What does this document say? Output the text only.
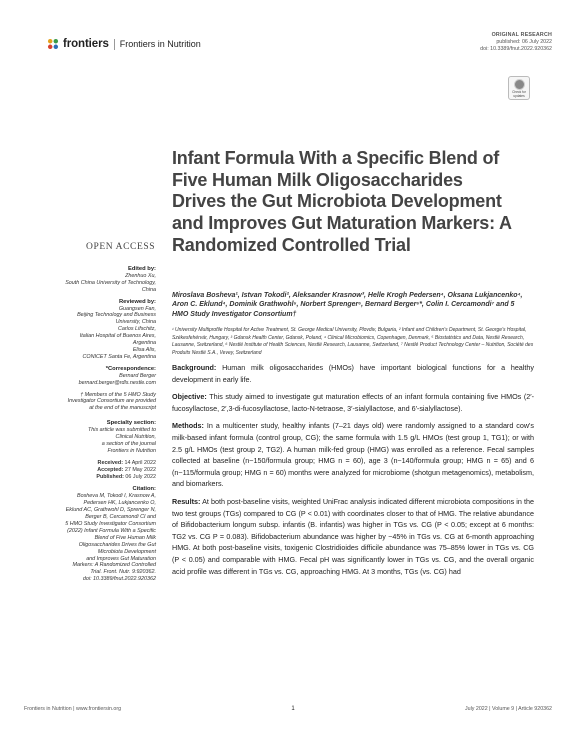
frontiers Frontiers in Nutrition
ORIGINAL RESEARCH
published: 06 July 2022
doi: 10.3389/fnut.2022.920362
Check for updates
OPEN ACCESS
Edited by:
Zhenhuo Xu,
South China University of Technology,
China
Reviewed by:
Guangsen Fan,
Beijing Technology and Business
University, China
Carlos Lifschitz,
Italian Hospital of Buenos Aires,
Argentina
Elisa Alis,
CONICET Santa Fe, Argentina
*Correspondence:
Bernard Berger
bernard.berger@rdls.nestle.com
† Members of the 5 HMO Study
Investigator Consortium are provided
at the end of the manuscript
Specialty section:
This article was submitted to
Clinical Nutrition,
a section of the journal
Frontiers in Nutrition
Received: 14 April 2022
Accepted: 27 May 2022
Published: 06 July 2022
Citation:
Bosheva M, Tokodi I, Krasnow A,
Pedersen HK, Lukjancenko O,
Eklund AC, Grathwohl D, Sprenger N,
Berger B, Cercamondi CI and
5 HMO Study Investigator Consortium
(2022) Infant Formula With a Specific
Blend of Five Human Milk
Oligosaccharides Drives the Gut
Microbiota Development
and Improves Gut Maturation
Markers: A Randomized Controlled
Trial. Front. Nutr. 9:920362.
doi: 10.3389/fnut.2022.920362
Infant Formula With a Specific Blend of Five Human Milk Oligosaccharides Drives the Gut Microbiota Development and Improves Gut Maturation Markers: A Randomized Controlled Trial
Miroslava Bosheva¹, Istvan Tokodi², Aleksander Krasnow³, Helle Krogh Pedersen⁴, Oksana Lukjancenko⁴, Aron C. Eklund⁴, Dominik Grathwohl⁵, Norbert Sprenger⁶, Bernard Berger⁶*, Colin I. Cercamondi⁷ and 5 HMO Study Investigator Consortium†
¹ University Multiprofile Hospital for Active Treatment, St. George Medical University, Plovdiv, Bulgaria, ² Infant and Children's Department, St. George's Hospital, Székesfehérvár, Hungary, ³ Gdansk Health Center, Gdansk, Poland, ⁴ Clinical Microbiomics, Copenhagen, Denmark, ⁵ Biostatistics and Data, Nestlé Research, Lausanne, Switzerland, ⁶ Nestlé Institute of Health Sciences, Nestlé Research, Lausanne, Switzerland, ⁷ Nestlé Product Technology Center – Nutrition, Société des Produits Nestlé S.A., Vevey, Switzerland

Background: Human milk oligosaccharides (HMOs) have important biological functions for a healthy development in early life.

Objective: This study aimed to investigate gut maturation effects of an infant formula containing five HMOs (2′-fucosyllactose, 2′,3-di-fucosyllactose, lacto-N-tetraose, 3′-sialyllactose, and 6′-sialyllactose).

Methods: In a multicenter study, healthy infants (7–21 days old) were randomly assigned to a standard cow's milk-based infant formula (control group, CG); the same formula with 1.5 g/L HMOs (test group 1, TG1); or with 2.5 g/L HMOs (test group 2, TG2). A human milk-fed group (HMG) was enrolled as a reference. Fecal samples collected at baseline (n~150/formula group; HMG n = 60), age 3 (n~140/formula group; HMG n = 65) and 6 (n~115/formula group; HMG n = 60) months were analyzed for microbiome (shotgun metagenomics), metabolism, and biomarkers.

Results: At both post-baseline visits, weighted UniFrac analysis indicated different microbiota compositions in the two test groups (TGs) compared to CG (P < 0.01) with coordinates closer to that of HMG. The relative abundance of Bifidobacterium longum subsp. infantis (B. infantis) was higher in TGs vs. CG (P < 0.05; except at 6 months: TG2 vs. CG P = 0.083). Bifidobacterium abundance was higher by ~45% in TGs vs. CG at 6-month approaching HMG. At both post-baseline visits, toxigenic Clostridioides difficile abundance was 75–85% lower in TGs vs. CG (P < 0.05) and comparable with HMG. Fecal pH was significantly lower in TGs vs. CG, and the overall organic acid profile was different in TGs vs. CG, approaching HMG. At 3 months, TGs (vs. CG) had

Frontiers in Nutrition | www.frontiersin.org	1	July 2022 | Volume 9 | Article 920362
